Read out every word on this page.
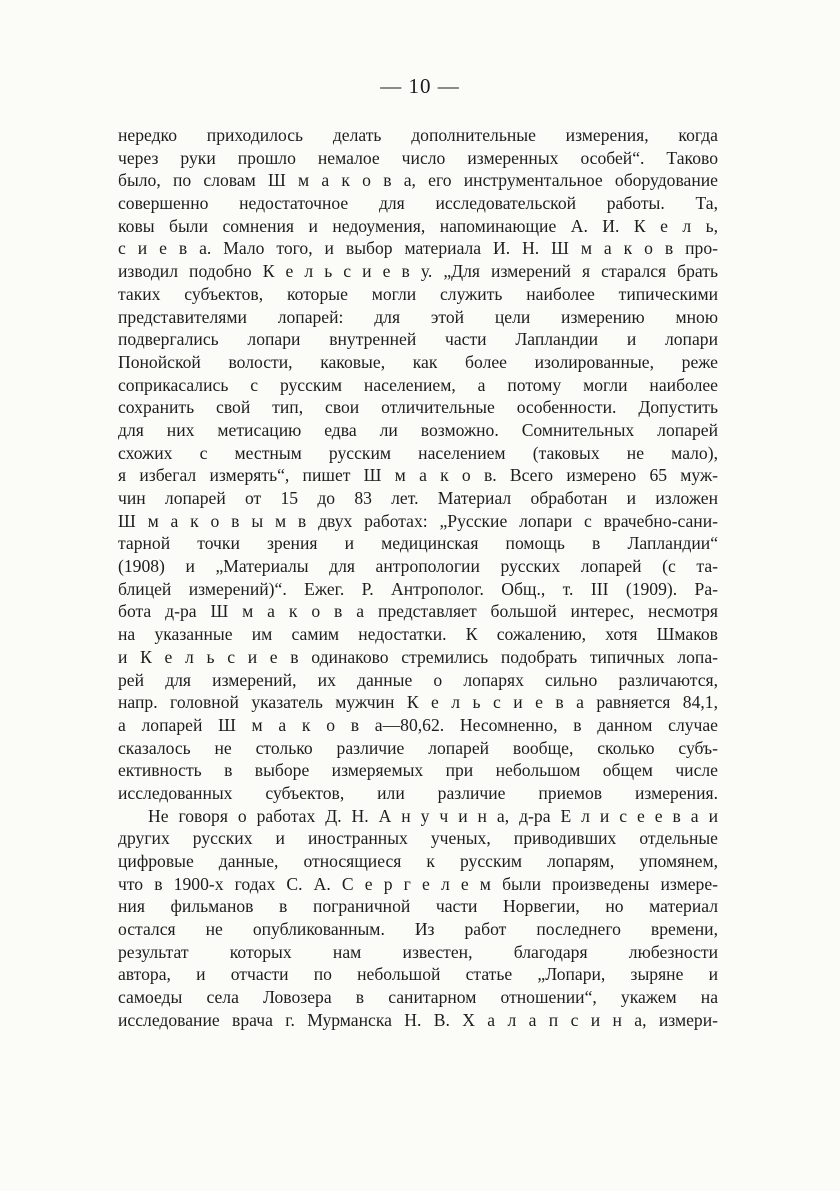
— 10 —
нередко приходилось делать дополнительные измерения, когда
через руки прошло немалое число измеренных особей“. Таково
было, по словам Ш м а к о в а, его инструментальное оборудование
совершенно недостаточное для исследовательской работы. Та,
ковы были сомнения и недоумения, напоминающие А. И. К е л ь,
с и е в а. Мало того, и выбор материала И. Н. Ш м а к о в про-
изводил подобно К е л ь с и е в у. „Для измерений я старался брать
таких субъектов, которые могли служить наиболее типическими
представителями лопарей: для этой цели измерению мною
подвергались лопари внутренней части Лапландии и лопари
Понойской волости, каковые, как более изолированные, реже
соприкасались с русским населением, а потому могли наиболее
сохранить свой тип, свои отличительные особенности. Допустить
для них метисацию едва ли возможно. Сомнительных лопарей
схожих с местным русским населением (таковых не мало),
я избегал измерять“, пишет Ш м а к о в. Всего измерено 65 муж-
чин лопарей от 15 до 83 лет. Материал обработан и изложен
Ш м а к о в ы м в двух работах: „Русские лопари с врачебно-сани-
тарной точки зрения и медицинская помощь в Лапландии“
(1908) и „Материалы для антропологии русских лопарей (с та-
блицей измерений)“. Ежег. Р. Антрополог. Общ., т. III (1909). Ра-
бота д-ра Ш м а к о в а представляет большой интерес, несмотря
на указанные им самим недостатки. К сожалению, хотя Шмаков
и К е л ь с и е в одинаково стремились подобрать типичных лопа-
рей для измерений, их данные о лопарях сильно различаются,
напр. головной указатель мужчин К е л ь с и е в а равняется 84,1,
а лопарей Ш м а к о в а—80,62. Несомненно, в данном случае
сказалось не столько различие лопарей вообще, сколько субъ-
ективность в выборе измеряемых при небольшом общем числе
исследованных субъектов, или различие приемов измерения.
Не говоря о работах Д. Н. А н у ч и н а, д-ра Е л и с е е в а и
других русских и иностранных ученых, приводивших отдельные
цифровые данные, относящиеся к русским лопарям, упомянем,
что в 1900-х годах С. А. С е р г е л е м были произведены измере-
ния фильманов в пограничной части Норвегии, но материал
остался не опубликованным. Из работ последнего времени,
результат которых нам известен, благодаря любезности
автора, и отчасти по небольшой статье „Лопари, зыряне и
самоеды села Ловозера в санитарном отношении“, укажем на
исследование врача г. Мурманска Н. В. Х а л а п с и н а, измери-
